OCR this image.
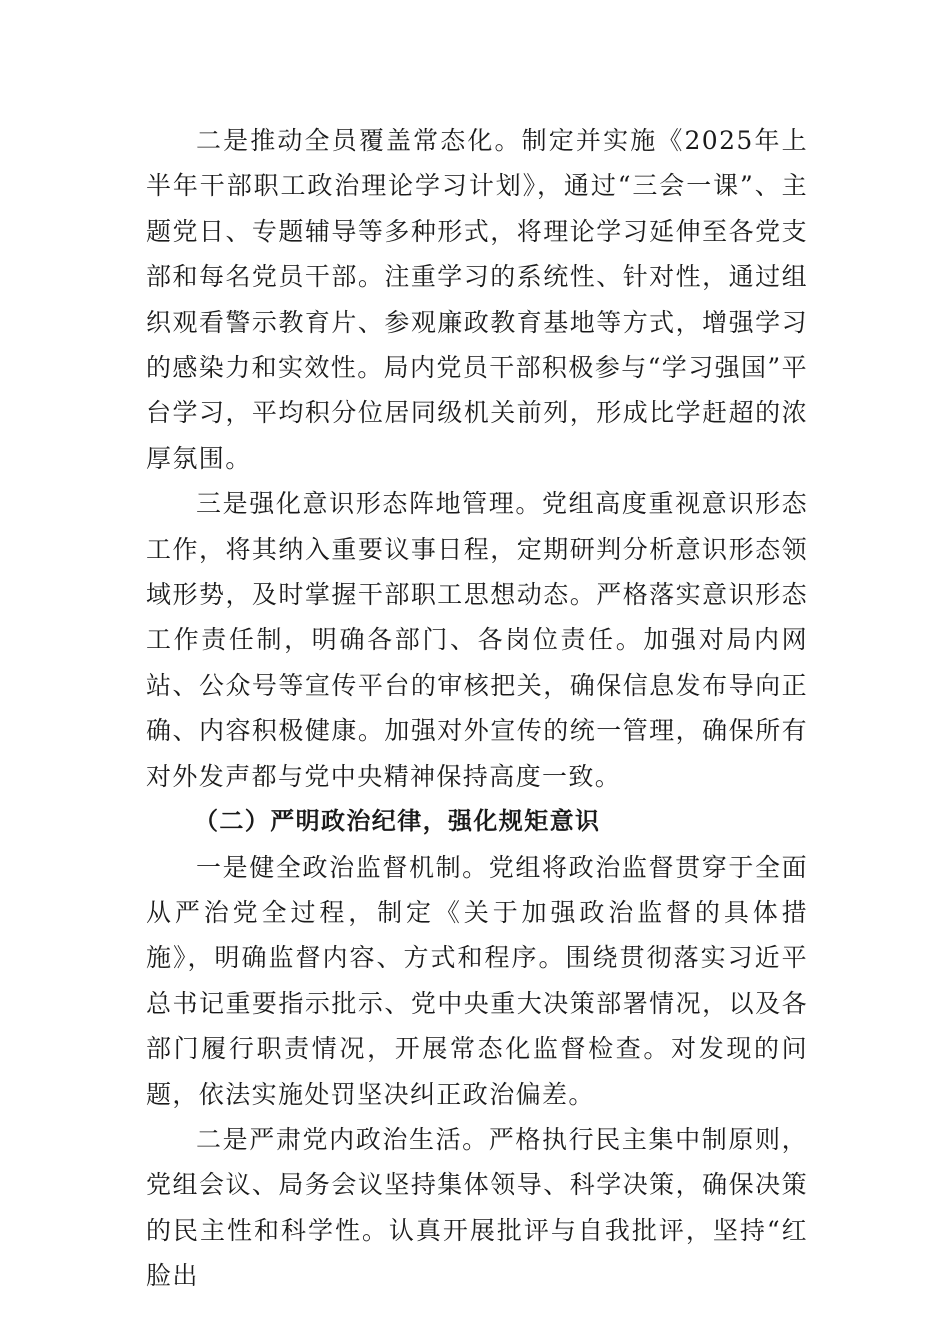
二是推动全员覆盖常态化。制定并实施《2025年上半年干部职工政治理论学习计划》，通过“三会一课”、主题党日、专题辅导等多种形式，将理论学习延伸至各党支部和每名党员干部。注重学习的系统性、针对性，通过组织观看警示教育片、参观廉政教育基地等方式，增强学习的感染力和实效性。局内党员干部积极参与“学习强国”平台学习，平均积分位居同级机关前列，形成比学赶超的浓厚氛围。

三是强化意识形态阵地管理。党组高度重视意识形态工作，将其纳入重要议事日程，定期研判分析意识形态领域形势，及时掌握干部职工思想动态。严格落实意识形态工作责任制，明确各部门、各岗位责任。加强对局内网站、公众号等宣传平台的审核把关，确保信息发布导向正确、内容积极健康。加强对外宣传的统一管理，确保所有对外发声都与党中央精神保持高度一致。

（二）严明政治纪律，强化规矩意识

一是健全政治监督机制。党组将政治监督贯穿于全面从严治党全过程，制定《关于加强政治监督的具体措施》，明确监督内容、方式和程序。围绕贯彻落实习近平总书记重要指示批示、党中央重大决策部署情况，以及各部门履行职责情况，开展常态化监督检查。对发现的问题，依法实施处罚坚决纠正政治偏差。

二是严肃党内政治生活。严格执行民主集中制原则，党组会议、局务会议坚持集体领导、科学决策，确保决策的民主性和科学性。认真开展批评与自我批评，坚持“红脸出
